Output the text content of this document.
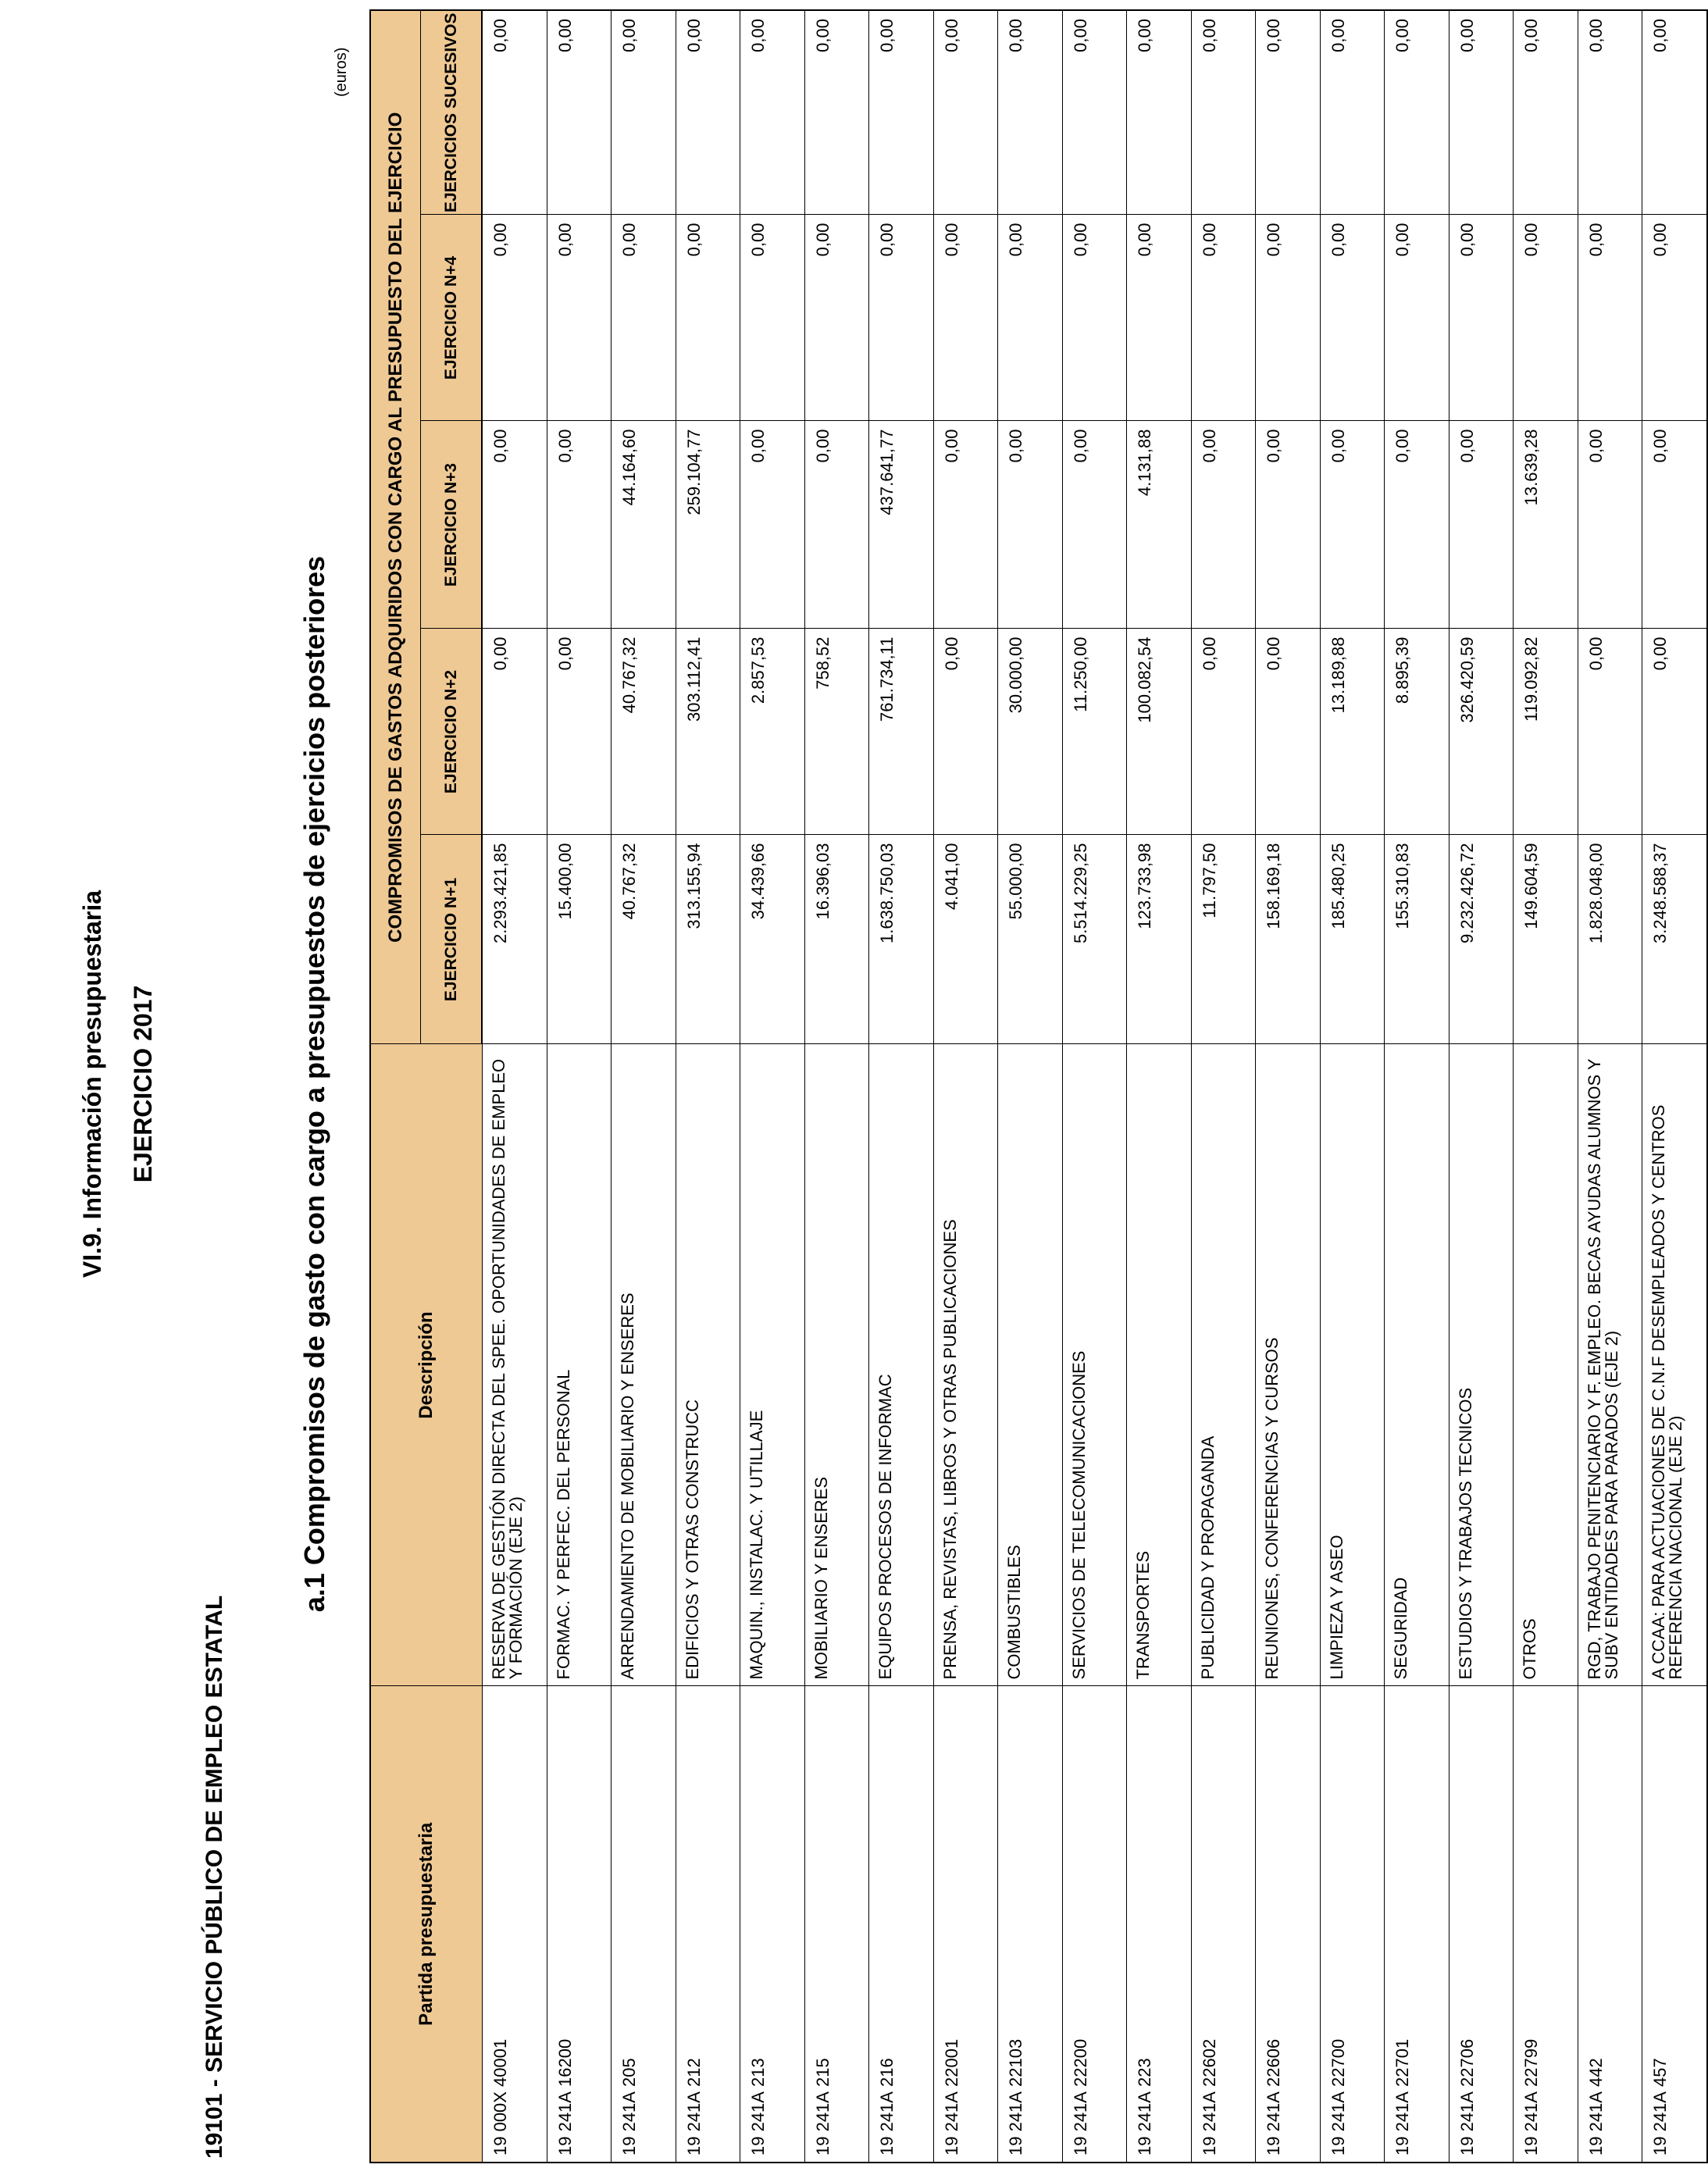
VI.9. Información presupuestaria EJERCICIO 2017
19101 - SERVICIO PÚBLICO DE EMPLEO ESTATAL
a.1 Compromisos de gasto con cargo a presupuestos de ejercicios posteriores
(euros)
Partida presupuestaria	Descripción	COMPROMISOS DE GASTOS ADQUIRIDOS CON CARGO AL PRESUPUESTO DEL EJERCICIO				
		EJERCICIO N+1	EJERCICIO N+2	EJERCICIO N+3	EJERCICIO N+4	EJERCICIOS SUCESIVOS
19 000X40001	RESERVA DE GESTIÓN DIRECTA DEL SPEE. OPORTUNIDADES DE EMPLEO Y FORMACIÓN (EJE 2)	2.293.421,85	0,00	0,00	0,00	0,00
19 241A16200	FORMAC. Y PERFEC. DEL PERSONAL	15.400,00	0,00	0,00	0,00	0,00
19 241A205	ARRENDAMIENTO DE MOBILIARIO Y ENSERES	40.767,32	40.767,32	44.164,60	0,00	0,00
19 241A212	EDIFICIOS Y OTRAS CONSTRUCC	313.155,94	303.112,41	259.104,77	0,00	0,00
19 241A213	MAQUIN., INSTALAC. Y UTILLAJE	34.439,66	2.857,53	0,00	0,00	0,00
19 241A215	MOBILIARIO Y ENSERES	16.396,03	758,52	0,00	0,00	0,00
19 241A216	EQUIPOS PROCESOS DE INFORMAC	1.638.750,03	761.734,11	437.641,77	0,00	0,00
19 241A22001	PRENSA, REVISTAS, LIBROS Y OTRAS PUBLICACIONES	4.041,00	0,00	0,00	0,00	0,00
19 241A22103	COMBUSTIBLES	55.000,00	30.000,00	0,00	0,00	0,00
19 241A22200	SERVICIOS DE TELECOMUNICACIONES	5.514.229,25	11.250,00	0,00	0,00	0,00
19 241A223	TRANSPORTES	123.733,98	100.082,54	4.131,88	0,00	0,00
19 241A22602	PUBLICIDAD Y PROPAGANDA	11.797,50	0,00	0,00	0,00	0,00
19 241A22606	REUNIONES, CONFERENCIAS Y CURSOS	158.169,18	0,00	0,00	0,00	0,00
19 241A22700	LIMPIEZA Y ASEO	185.480,25	13.189,88	0,00	0,00	0,00
19 241A22701	SEGURIDAD	155.310,83	8.895,39	0,00	0,00	0,00
19 241A22706	ESTUDIOS Y TRABAJOS TECNICOS	9.232.426,72	326.420,59	0,00	0,00	0,00
19 241A22799	OTROS	149.604,59	119.092,82	13.639,28	0,00	0,00
19 241A442	RGD, TRABAJO PENITENCIARIO Y F. EMPLEO. BECAS AYUDAS ALUMNOS Y SUBV ENTIDADES PARA PARADOS (EJE 2)	1.828.048,00	0,00	0,00	0,00	0,00
19 241A457	A CCAA: PARA ACTUACIONES DE C.N.F DESEMPLEADOS Y CENTROS REFERENCIA NACIONAL (EJE 2)	3.248.588,37	0,00	0,00	0,00	0,00
